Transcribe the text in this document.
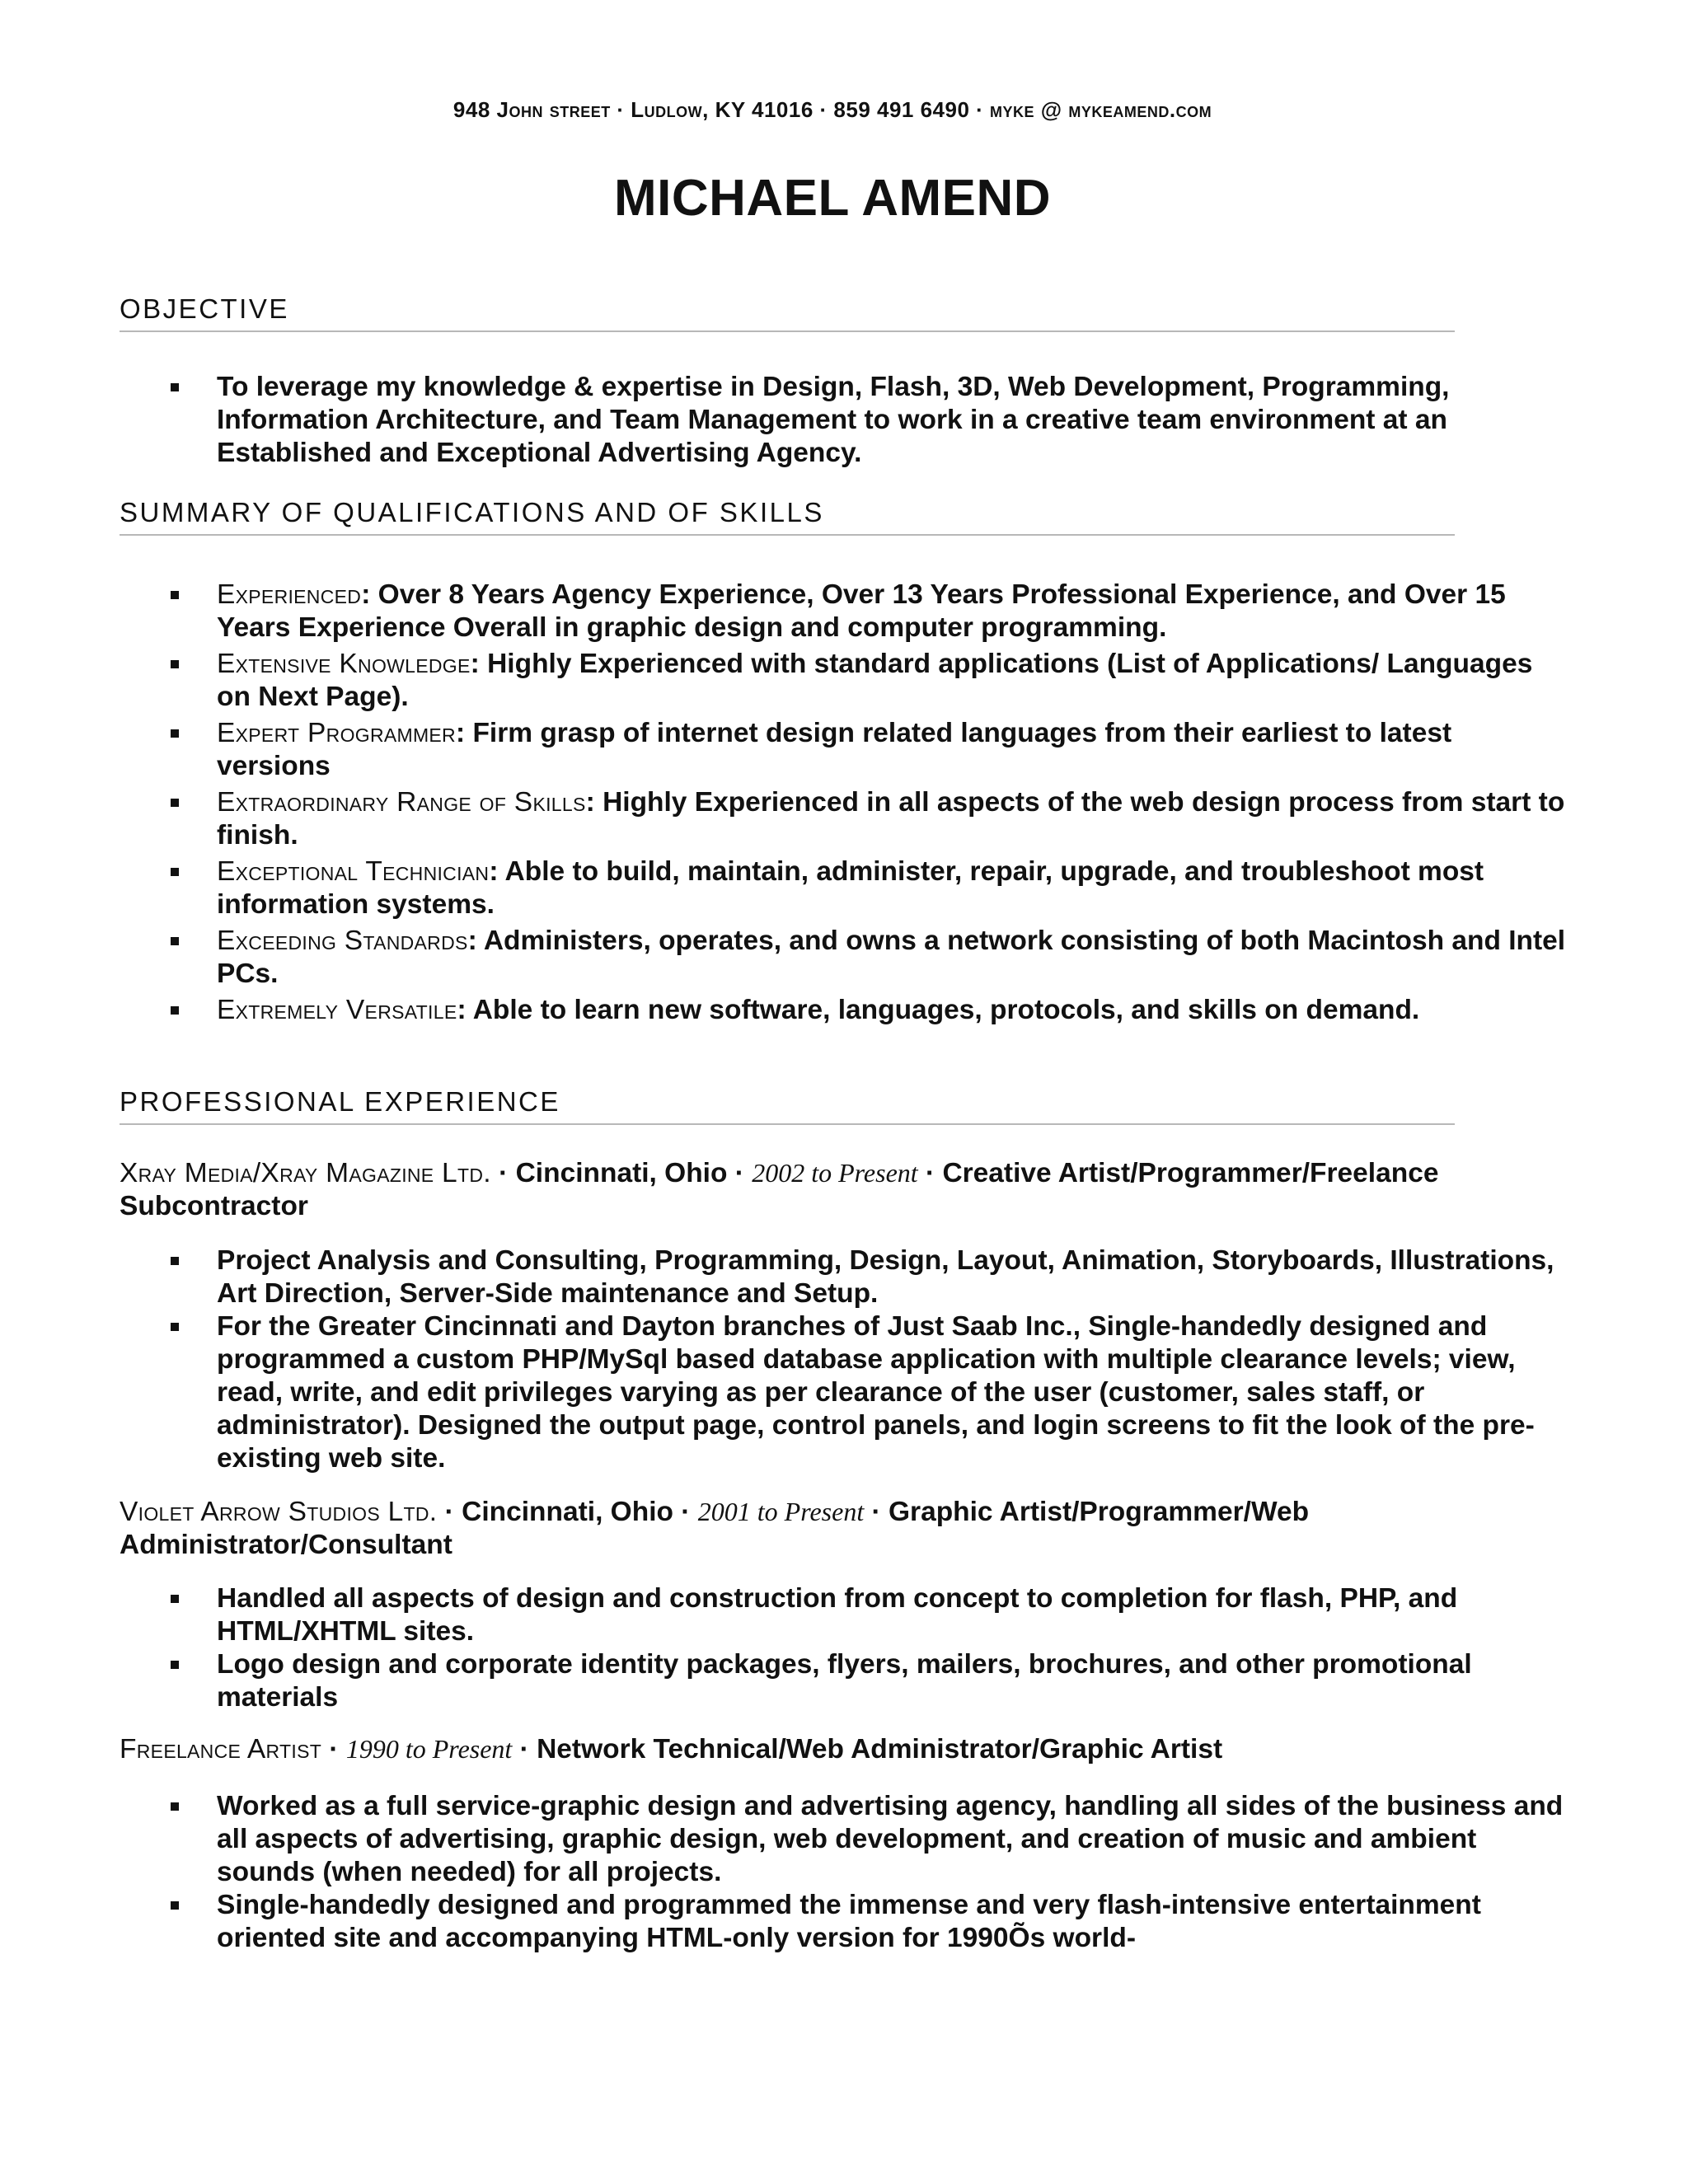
948 John street · Ludlow, KY 41016 · 859 491 6490 · myke @ mykeamend.com
MICHAEL AMEND
OBJECTIVE
To leverage my knowledge & expertise in Design, Flash, 3D, Web Development, Programming, Information Architecture, and Team Management to work in a creative team environment at an Established and Exceptional Advertising Agency.
SUMMARY OF QUALIFICATIONS AND OF SKILLS
Experienced: Over 8 Years Agency Experience, Over 13 Years Professional Experience, and Over 15 Years Experience Overall in graphic design and computer programming.
Extensive Knowledge: Highly Experienced with standard applications (List of Applications/ Languages on Next Page).
Expert Programmer: Firm grasp of internet design related languages from their earliest to latest versions
Extraordinary Range of Skills: Highly Experienced in all aspects of the web design process from start to finish.
Exceptional Technician: Able to build, maintain, administer, repair, upgrade, and troubleshoot most information systems.
Exceeding Standards: Administers, operates, and owns a network consisting of both Macintosh and Intel PCs.
Extremely Versatile: Able to learn new software, languages, protocols, and skills on demand.
PROFESSIONAL EXPERIENCE
Xray Media/Xray Magazine Ltd. · Cincinnati, Ohio · 2002 to Present · Creative Artist/Programmer/Freelance Subcontractor
Project Analysis and Consulting, Programming, Design, Layout, Animation, Storyboards, Illustrations, Art Direction, Server-Side maintenance and Setup.
For the Greater Cincinnati and Dayton branches of Just Saab Inc., Single-handedly designed and programmed a custom PHP/MySql based database application with multiple clearance levels; view, read, write, and edit privileges varying as per clearance of the user (customer, sales staff, or administrator). Designed the output page, control panels, and login screens to fit the look of the pre-existing web site.
Violet Arrow Studios Ltd. · Cincinnati, Ohio · 2001 to Present · Graphic Artist/Programmer/Web Administrator/Consultant
Handled all aspects of design and construction from concept to completion for flash, PHP, and HTML/XHTML sites.
Logo design and corporate identity packages, flyers, mailers, brochures, and other promotional materials
Freelance Artist · 1990 to Present · Network Technical/Web Administrator/Graphic Artist
Worked as a full service-graphic design and advertising agency, handling all sides of the business and all aspects of advertising, graphic design, web development, and creation of music and ambient sounds (when needed) for all projects.
Single-handedly designed and programmed the immense and very flash-intensive entertainment oriented site and accompanying HTML-only version for 1990Õs world-
